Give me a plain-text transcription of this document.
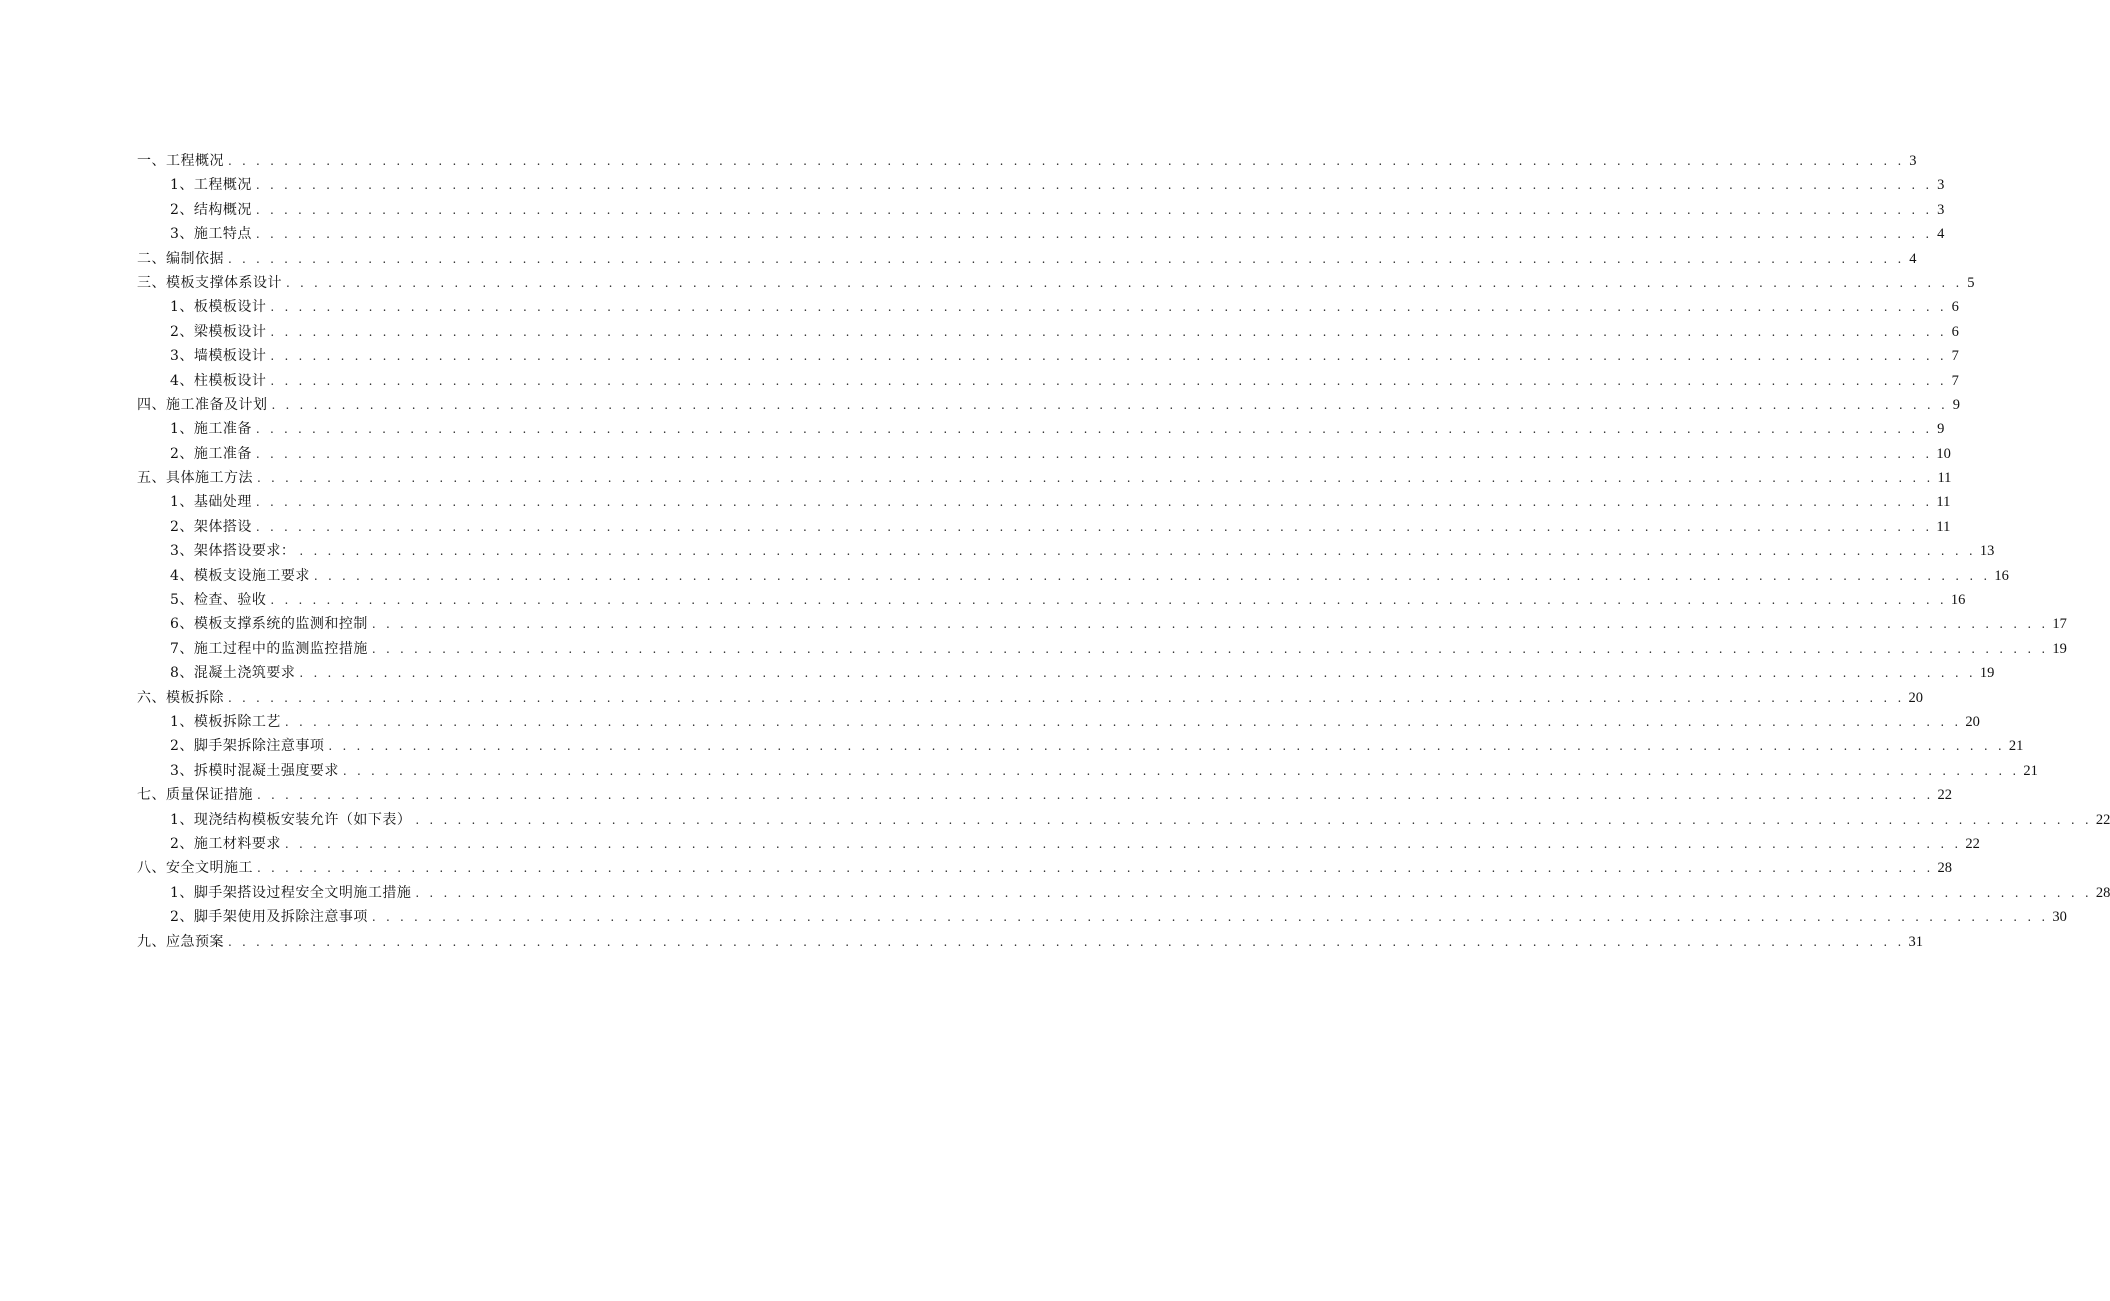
一、工程概况 . . . . . . . . . . . . . . . . . . . . . . . . . . . . . . . . . . . . . . . . . . . . . . . . . . . . . . . . . . . . . . . . . . . . . . . . . . . . . . . . . . . . . . . . . . . . . . . . . . . . . . . . . . . . . . . . . . . . . . . . 3
1、工程概况 . . . . . . . . . . . . . . . . . . . . . . . . . . . . . . . . . . . . . . . . . . . . . . . . . . . . . . . . . . . . . . . . . . . . . . . . . . . . . . . . . . . . . . . . . . . . . . . . . . . . . . . . . . . . . . . . . . . . . . . . 3
2、结构概况 . . . . . . . . . . . . . . . . . . . . . . . . . . . . . . . . . . . . . . . . . . . . . . . . . . . . . . . . . . . . . . . . . . . . . . . . . . . . . . . . . . . . . . . . . . . . . . . . . . . . . . . . . . . . . . . . . . . . . . . . 3
3、施工特点 . . . . . . . . . . . . . . . . . . . . . . . . . . . . . . . . . . . . . . . . . . . . . . . . . . . . . . . . . . . . . . . . . . . . . . . . . . . . . . . . . . . . . . . . . . . . . . . . . . . . . . . . . . . . . . . . . . . . . . . . 4
二、编制依据 . . . . . . . . . . . . . . . . . . . . . . . . . . . . . . . . . . . . . . . . . . . . . . . . . . . . . . . . . . . . . . . . . . . . . . . . . . . . . . . . . . . . . . . . . . . . . . . . . . . . . . . . . . . . . . . . . . . . . . . . 4
三、模板支撑体系设计 . . . . . . . . . . . . . . . . . . . . . . . . . . . . . . . . . . . . . . . . . . . . . . . . . . . . . . . . . . . . . . . . . . . . . . . . . . . . . . . . . . . . . . . . . . . . . . . . . . . . . . . . . . . . . . . . . . . . . . . . 5
1、板模板设计 . . . . . . . . . . . . . . . . . . . . . . . . . . . . . . . . . . . . . . . . . . . . . . . . . . . . . . . . . . . . . . . . . . . . . . . . . . . . . . . . . . . . . . . . . . . . . . . . . . . . . . . . . . . . . . . . . . . . . . . . 6
2、梁模板设计 . . . . . . . . . . . . . . . . . . . . . . . . . . . . . . . . . . . . . . . . . . . . . . . . . . . . . . . . . . . . . . . . . . . . . . . . . . . . . . . . . . . . . . . . . . . . . . . . . . . . . . . . . . . . . . . . . . . . . . . . 6
3、墙模板设计 . . . . . . . . . . . . . . . . . . . . . . . . . . . . . . . . . . . . . . . . . . . . . . . . . . . . . . . . . . . . . . . . . . . . . . . . . . . . . . . . . . . . . . . . . . . . . . . . . . . . . . . . . . . . . . . . . . . . . . . . 7
4、柱模板设计 . . . . . . . . . . . . . . . . . . . . . . . . . . . . . . . . . . . . . . . . . . . . . . . . . . . . . . . . . . . . . . . . . . . . . . . . . . . . . . . . . . . . . . . . . . . . . . . . . . . . . . . . . . . . . . . . . . . . . . . . 7
四、施工准备及计划 . . . . . . . . . . . . . . . . . . . . . . . . . . . . . . . . . . . . . . . . . . . . . . . . . . . . . . . . . . . . . . . . . . . . . . . . . . . . . . . . . . . . . . . . . . . . . . . . . . . . . . . . . . . . . . . . . . . . . . . . 9
1、施工准备 . . . . . . . . . . . . . . . . . . . . . . . . . . . . . . . . . . . . . . . . . . . . . . . . . . . . . . . . . . . . . . . . . . . . . . . . . . . . . . . . . . . . . . . . . . . . . . . . . . . . . . . . . . . . . . . . . . . . . . . . 9
2、施工准备 . . . . . . . . . . . . . . . . . . . . . . . . . . . . . . . . . . . . . . . . . . . . . . . . . . . . . . . . . . . . . . . . . . . . . . . . . . . . . . . . . . . . . . . . . . . . . . . . . . . . . . . . . . . . . . . . . . . . . . . . 10
五、具体施工方法 . . . . . . . . . . . . . . . . . . . . . . . . . . . . . . . . . . . . . . . . . . . . . . . . . . . . . . . . . . . . . . . . . . . . . . . . . . . . . . . . . . . . . . . . . . . . . . . . . . . . . . . . . . . . . . . . . . . . . . . . 11
1、基础处理 . . . . . . . . . . . . . . . . . . . . . . . . . . . . . . . . . . . . . . . . . . . . . . . . . . . . . . . . . . . . . . . . . . . . . . . . . . . . . . . . . . . . . . . . . . . . . . . . . . . . . . . . . . . . . . . . . . . . . . . . 11
2、架体搭设 . . . . . . . . . . . . . . . . . . . . . . . . . . . . . . . . . . . . . . . . . . . . . . . . . . . . . . . . . . . . . . . . . . . . . . . . . . . . . . . . . . . . . . . . . . . . . . . . . . . . . . . . . . . . . . . . . . . . . . . . 11
3、架体搭设要求： . . . . . . . . . . . . . . . . . . . . . . . . . . . . . . . . . . . . . . . . . . . . . . . . . . . . . . . . . . . . . . . . . . . . . . . . . . . . . . . . . . . . . . . . . . . . . . . . . . . . . . . . . . . . . . . . . . . . . . . . 13
4、模板支设施工要求 . . . . . . . . . . . . . . . . . . . . . . . . . . . . . . . . . . . . . . . . . . . . . . . . . . . . . . . . . . . . . . . . . . . . . . . . . . . . . . . . . . . . . . . . . . . . . . . . . . . . . . . . . . . . . . . . . . . . . . . . 16
5、检查、验收 . . . . . . . . . . . . . . . . . . . . . . . . . . . . . . . . . . . . . . . . . . . . . . . . . . . . . . . . . . . . . . . . . . . . . . . . . . . . . . . . . . . . . . . . . . . . . . . . . . . . . . . . . . . . . . . . . . . . . . . . 16
6、模板支撑系统的监测和控制 . . . . . . . . . . . . . . . . . . . . . . . . . . . . . . . . . . . . . . . . . . . . . . . . . . . . . . . . . . . . . . . . . . . . . . . . . . . . . . . . . . . . . . . . . . . . . . . . . . . . . . . . . . . . . . . . . . . . . . . . 17
7、施工过程中的监测监控措施 . . . . . . . . . . . . . . . . . . . . . . . . . . . . . . . . . . . . . . . . . . . . . . . . . . . . . . . . . . . . . . . . . . . . . . . . . . . . . . . . . . . . . . . . . . . . . . . . . . . . . . . . . . . . . . . . . . . . . . . . 19
8、混凝土浇筑要求 . . . . . . . . . . . . . . . . . . . . . . . . . . . . . . . . . . . . . . . . . . . . . . . . . . . . . . . . . . . . . . . . . . . . . . . . . . . . . . . . . . . . . . . . . . . . . . . . . . . . . . . . . . . . . . . . . . . . . . . . 19
六、模板拆除 . . . . . . . . . . . . . . . . . . . . . . . . . . . . . . . . . . . . . . . . . . . . . . . . . . . . . . . . . . . . . . . . . . . . . . . . . . . . . . . . . . . . . . . . . . . . . . . . . . . . . . . . . . . . . . . . . . . . . . . . 20
1、模板拆除工艺 . . . . . . . . . . . . . . . . . . . . . . . . . . . . . . . . . . . . . . . . . . . . . . . . . . . . . . . . . . . . . . . . . . . . . . . . . . . . . . . . . . . . . . . . . . . . . . . . . . . . . . . . . . . . . . . . . . . . . . . . 20
2、脚手架拆除注意事项 . . . . . . . . . . . . . . . . . . . . . . . . . . . . . . . . . . . . . . . . . . . . . . . . . . . . . . . . . . . . . . . . . . . . . . . . . . . . . . . . . . . . . . . . . . . . . . . . . . . . . . . . . . . . . . . . . . . . . . . . 21
3、拆模时混凝土强度要求 . . . . . . . . . . . . . . . . . . . . . . . . . . . . . . . . . . . . . . . . . . . . . . . . . . . . . . . . . . . . . . . . . . . . . . . . . . . . . . . . . . . . . . . . . . . . . . . . . . . . . . . . . . . . . . . . . . . . . . . . 21
七、质量保证措施 . . . . . . . . . . . . . . . . . . . . . . . . . . . . . . . . . . . . . . . . . . . . . . . . . . . . . . . . . . . . . . . . . . . . . . . . . . . . . . . . . . . . . . . . . . . . . . . . . . . . . . . . . . . . . . . . . . . . . . . . 22
1、现浇结构模板安装允许（如下表） . . . . . . . . . . . . . . . . . . . . . . . . . . . . . . . . . . . . . . . . . . . . . . . . . . . . . . . . . . . . . . . . . . . . . . . . . . . . . . . . . . . . . . . . . . . . . . . . . . . . . . . . . . . . . . . . . . . . . . . . 22
2、施工材料要求 . . . . . . . . . . . . . . . . . . . . . . . . . . . . . . . . . . . . . . . . . . . . . . . . . . . . . . . . . . . . . . . . . . . . . . . . . . . . . . . . . . . . . . . . . . . . . . . . . . . . . . . . . . . . . . . . . . . . . . . . 22
八、安全文明施工 . . . . . . . . . . . . . . . . . . . . . . . . . . . . . . . . . . . . . . . . . . . . . . . . . . . . . . . . . . . . . . . . . . . . . . . . . . . . . . . . . . . . . . . . . . . . . . . . . . . . . . . . . . . . . . . . . . . . . . . . 28
1、脚手架搭设过程安全文明施工措施 . . . . . . . . . . . . . . . . . . . . . . . . . . . . . . . . . . . . . . . . . . . . . . . . . . . . . . . . . . . . . . . . . . . . . . . . . . . . . . . . . . . . . . . . . . . . . . . . . . . . . . . . . . . . . . . . . . . . . . . . 28
2、脚手架使用及拆除注意事项 . . . . . . . . . . . . . . . . . . . . . . . . . . . . . . . . . . . . . . . . . . . . . . . . . . . . . . . . . . . . . . . . . . . . . . . . . . . . . . . . . . . . . . . . . . . . . . . . . . . . . . . . . . . . . . . . . . . . . . . . 30
九、应急预案 . . . . . . . . . . . . . . . . . . . . . . . . . . . . . . . . . . . . . . . . . . . . . . . . . . . . . . . . . . . . . . . . . . . . . . . . . . . . . . . . . . . . . . . . . . . . . . . . . . . . . . . . . . . . . . . . . . . . . . . . 31
